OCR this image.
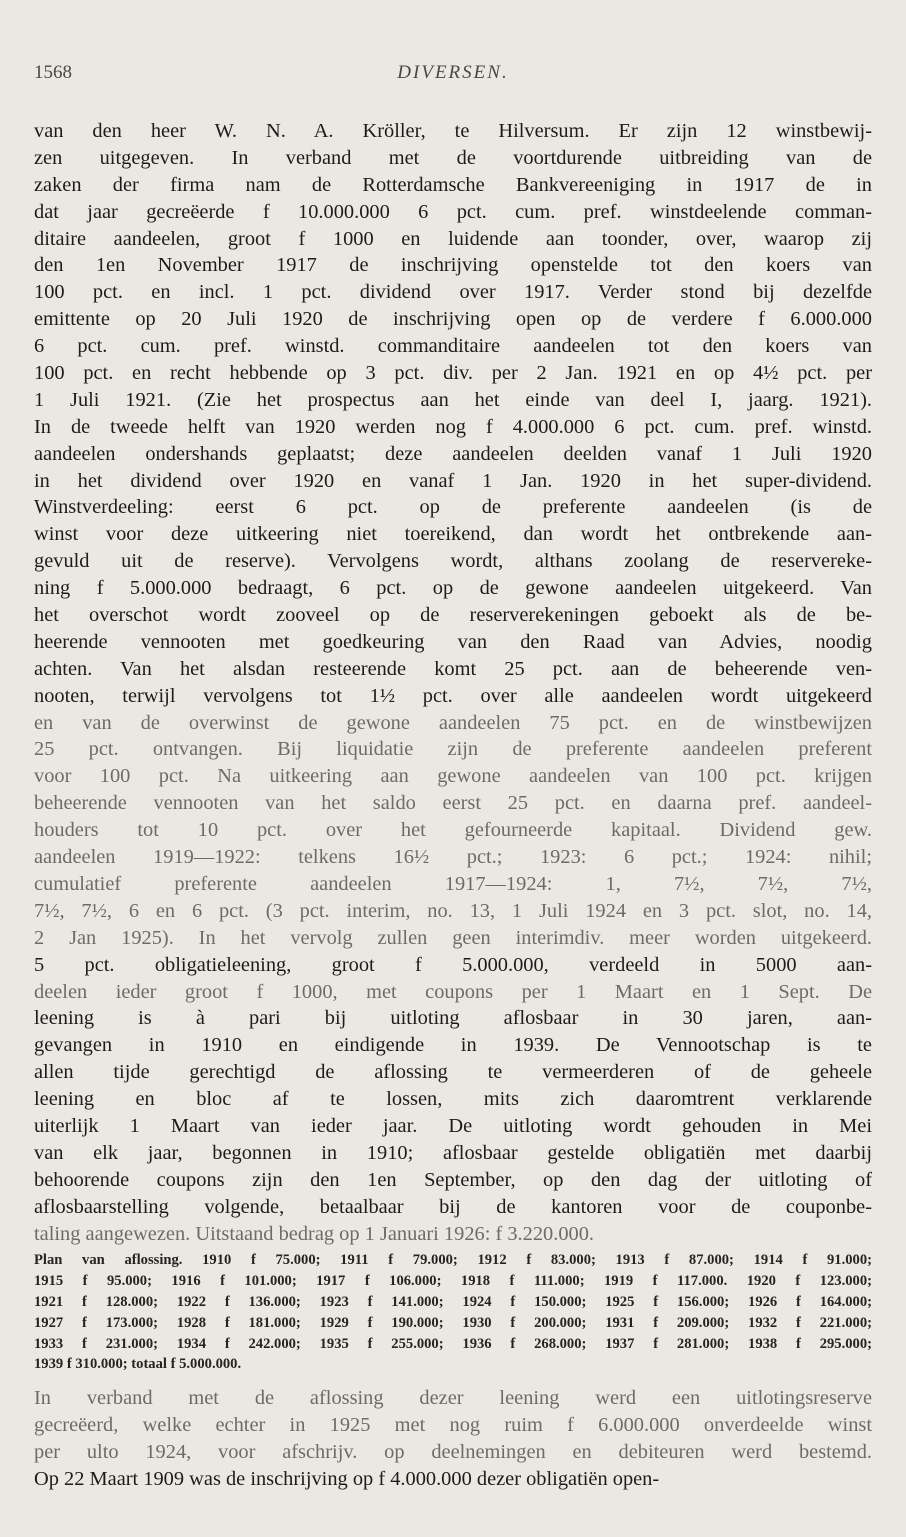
1568	DIVERSEN.
van den heer W. N. A. Kröller, te Hilversum. Er zijn 12 winstbewij-
zen uitgegeven. In verband met de voortdurende uitbreiding van de
zaken der firma nam de Rotterdamsche Bankvereeniging in 1917 de in
dat jaar gecreëerde f 10.000.000 6 pct. cum. pref. winstdeelende comman-
ditaire aandeelen, groot f 1000 en luidende aan toonder, over, waarop zij
den 1en November 1917 de inschrijving openstelde tot den koers van
100 pct. en incl. 1 pct. dividend over 1917. Verder stond bij dezelfde
emittente op 20 Juli 1920 de inschrijving open op de verdere f 6.000.000
6 pct. cum. pref. winstd. commanditaire aandeelen tot den koers van
100 pct. en recht hebbende op 3 pct. div. per 2 Jan. 1921 en op 4½ pct. per
1 Juli 1921. (Zie het prospectus aan het einde van deel I, jaarg. 1921).
In de tweede helft van 1920 werden nog f 4.000.000 6 pct. cum. pref. winstd.
aandeelen ondershands geplaatst; deze aandeelen deelden vanaf 1 Juli 1920
in het dividend over 1920 en vanaf 1 Jan. 1920 in het super-dividend.
Winstverdeeling: eerst 6 pct. op de preferente aandeelen (is de
winst voor deze uitkeering niet toereikend, dan wordt het ontbrekende aan-
gevuld uit de reserve). Vervolgens wordt, althans zoolang de reservereke-
ning f 5.000.000 bedraagt, 6 pct. op de gewone aandeelen uitgekeerd. Van
het overschot wordt zooveel op de reserverekeningen geboekt als de be-
heerende vennooten met goedkeuring van den Raad van Advies, noodig
achten. Van het alsdan resteerende komt 25 pct. aan de beheerende ven-
nooten, terwijl vervolgens tot 1½ pct. over alle aandeelen wordt uitgekeerd
en van de overwinst de gewone aandeelen 75 pct. en de winstbewijzen
25 pct. ontvangen. Bij liquidatie zijn de preferente aandeelen preferent
voor 100 pct. Na uitkeering aan gewone aandeelen van 100 pct. krijgen
beheerende vennooten van het saldo eerst 25 pct. en daarna pref. aandeel-
houders tot 10 pct. over het gefourneerde kapitaal. Dividend gew.
aandeelen 1919—1922: telkens 16½ pct.; 1923: 6 pct.; 1924: nihil;
cumulatief preferente aandeelen 1917—1924: 1, 7½, 7½, 7½,
7½, 7½, 6 en 6 pct. (3 pct. interim, no. 13, 1 Juli 1924 en 3 pct. slot, no. 14,
2 Jan 1925). In het vervolg zullen geen interimdiv. meer worden uitgekeerd.
5 pct. obligatieleening, groot f 5.000.000, verdeeld in 5000 aan-
deelen ieder groot f 1000, met coupons per 1 Maart en 1 Sept. De
leening is à pari bij uitloting aflosbaar in 30 jaren, aan-
gevangen in 1910 en eindigende in 1939. De Vennootschap is te
allen tijde gerechtigd de aflossing te vermeerderen of de geheele
leening en bloc af te lossen, mits zich daaromtrent verklarende
uiterlijk 1 Maart van ieder jaar. De uitloting wordt gehouden in Mei
van elk jaar, begonnen in 1910; aflosbaar gestelde obligatiën met daarbij
behoorende coupons zijn den 1en September, op den dag der uitloting of
aflosbaarstelling volgende, betaalbaar bij de kantoren voor de couponbe-
taling aangewezen. Uitstaand bedrag op 1 Januari 1926: f 3.220.000.
Plan van aflossing. 1910 f 75.000; 1911 f 79.000; 1912 f 83.000; 1913 f 87.000; 1914 f 91.000;
1915 f 95.000; 1916 f 101.000; 1917 f 106.000; 1918 f 111.000; 1919 f 117.000. 1920 f 123.000;
1921 f 128.000; 1922 f 136.000; 1923 f 141.000; 1924 f 150.000; 1925 f 156.000; 1926 f 164.000;
1927 f 173.000; 1928 f 181.000; 1929 f 190.000; 1930 f 200.000; 1931 f 209.000; 1932 f 221.000;
1933 f 231.000; 1934 f 242.000; 1935 f 255.000; 1936 f 268.000; 1937 f 281.000; 1938 f 295.000;
1939 f 310.000; totaal f 5.000.000.
In verband met de aflossing dezer leening werd een uitlotingsreserve
gecreëerd, welke echter in 1925 met nog ruim f 6.000.000 onverdeelde winst
per ulto 1924, voor afschrijv. op deelnemingen en debiteuren werd bestemd.
Op 22 Maart 1909 was de inschrijving op f 4.000.000 dezer obligatiën open-
